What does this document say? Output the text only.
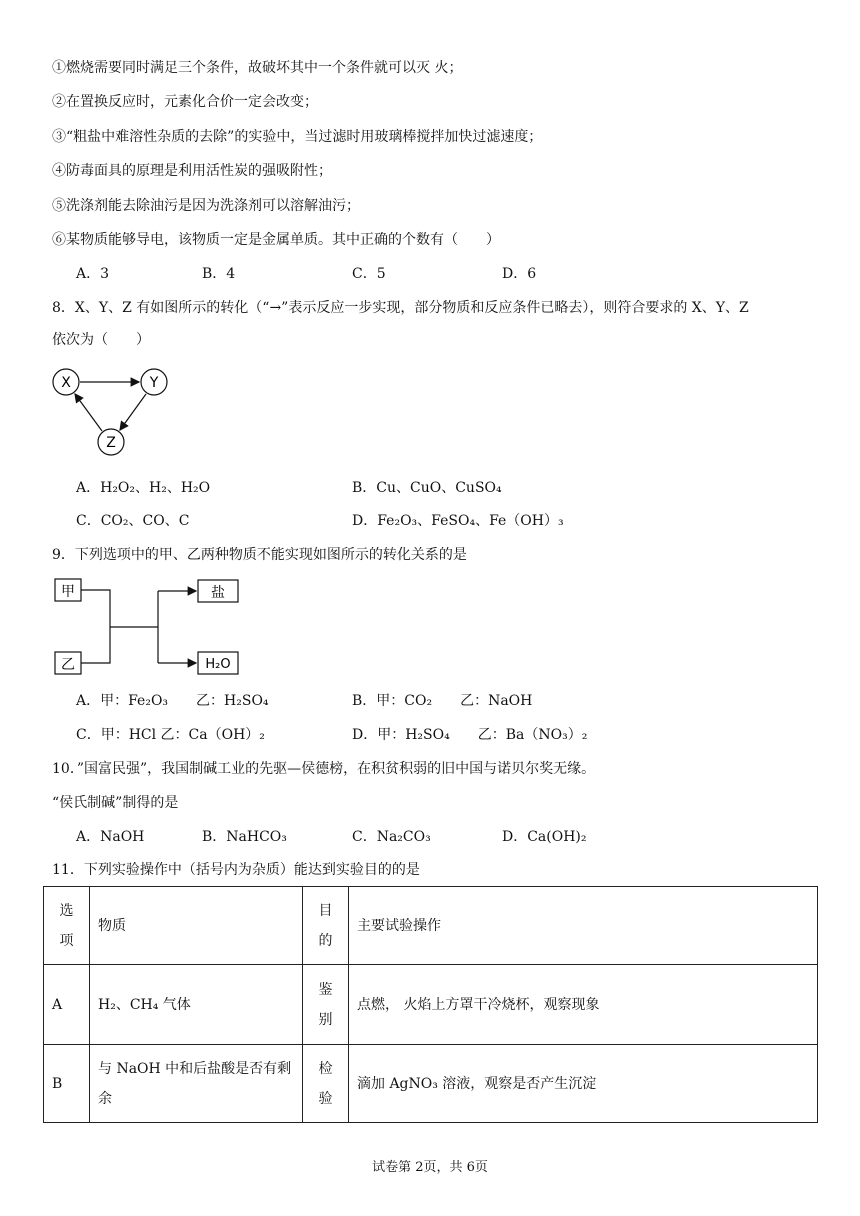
①燃烧需要同时满足三个条件，故破坏其中一个条件就可以灭 火；
②在置换反应时，元素化合价一定会改变；
③“粗盐中难溶性杂质的去除”的实验中，当过滤时用玻璃棒搅拌加快过滤速度；
④防毒面具的原理是利用活性炭的强吸附性；
⑤洗涤剂能去除油污是因为洗涤剂可以溶解油污；
⑥某物质能够导电，该物质一定是金属单质。其中正确的个数有（　　）
A．3	B．4	C．5	D．6
8．X、Y、Z 有如图所示的转化（“→”表示反应一步实现，部分物质和反应条件已略去），则符合要求的 X、Y、Z
依次为（　　）
X	Y
Z
A．H₂O₂、H₂、H₂O	B．Cu、CuO、CuSO₄
C．CO₂、CO、C	D．Fe₂O₃、FeSO₄、Fe（OH）₃
9．下列选项中的甲、乙两种物质不能实现如图所示的转化关系的是
甲
乙
盐
H₂O
A．甲：Fe₂O₃　　乙：H₂SO₄	B．甲：CO₂　　乙：NaOH
C．甲：HCl 乙：Ca（OH）₂	D．甲：H₂SO₄　　乙：Ba（NO₃）₂
10．”国富民强”，我国制碱工业的先驱—侯德榜，在积贫积弱的旧中国与诺贝尔奖无缘。
“侯氏制碱”制得的是
A．NaOH	B．NaHCO₃	C．Na₂CO₃	D．Ca(OH)₂
11．下列实验操作中（括号内为杂质）能达到实验目的的是
选项	物质	目的	主要试验操作
A	H₂、CH₄ 气体	鉴别	点燃， 火焰上方罩干冷烧杯，观察现象
B	与 NaOH 中和后盐酸是否有剩余	检验	滴加 AgNO₃ 溶液，观察是否产生沉淀
试卷第 2页，共 6页
